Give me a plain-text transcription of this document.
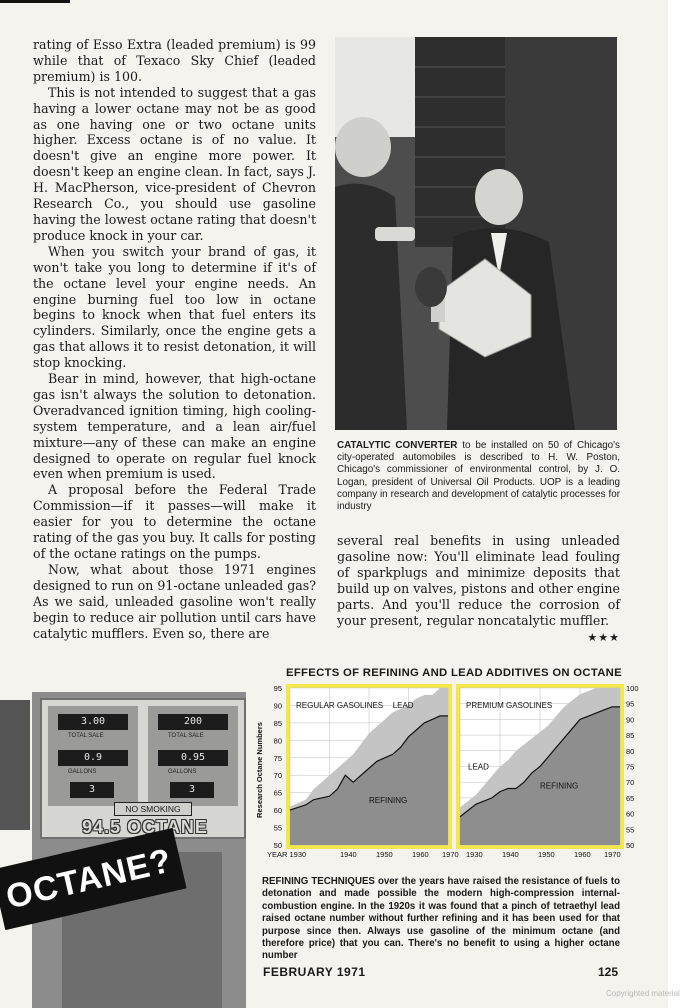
rating of Esso Extra (leaded premium) is 99 while that of Texaco Sky Chief (leaded premium) is 100.

This is not intended to suggest that a gas having a lower octane may not be as good as one having one or two octane units higher. Excess octane is of no value. It doesn't give an engine more power. It doesn't keep an engine clean. In fact, says J. H. MacPherson, vice-president of Chevron Research Co., you should use gasoline having the lowest octane rating that doesn't produce knock in your car.

When you switch your brand of gas, it won't take you long to determine if it's of the octane level your engine needs. An engine burning fuel too low in octane begins to knock when that fuel enters its cylinders. Similarly, once the engine gets a gas that allows it to resist detonation, it will stop knocking.

Bear in mind, however, that high-octane gas isn't always the solution to detonation. Overadvanced ignition timing, high cooling-system temperature, and a lean air/fuel mixture—any of these can make an engine designed to operate on regular fuel knock even when premium is used.

A proposal before the Federal Trade Commission—if it passes—will make it easier for you to determine the octane rating of the gas you buy. It calls for posting of the octane ratings on the pumps.

Now, what about those 1971 engines designed to run on 91-octane unleaded gas? As we said, unleaded gasoline won't really begin to reduce air pollution until cars have catalytic mufflers. Even so, there are

CATALYTIC CONVERTER to be installed on 50 of Chicago's city-operated automobiles is described to H. W. Poston, Chicago's commissioner of environmental control, by J. O. Logan, president of Universal Oil Products. UOP is a leading company in research and development of catalytic processes for industry

several real benefits in using unleaded gasoline now: You'll eliminate lead fouling of sparkplugs and minimize deposits that build up on valves, pistons and other engine parts. And you'll reduce the corrosion of your present, regular noncatalytic muffler.
★★★

3.00
TOTAL SALE
0.9
GALLONS
3
200
TOTAL SALE
0.95
GALLONS
3
NO SMOKING
94.5 OCTANE
OCTANE?
EFFECTS OF REFINING AND LEAD ADDITIVES ON OCTANE
REGULAR GASOLINES LEAD
REFINING
PREMIUM GASOLINES
LEAD
REFINING
95
90
85
80
75
70
65
60
55
50
100
95
90
85
80
75
70
65
60
55
50
Research Octane Numbers
YEAR 1930	1940	1950	1960 1970 1930	1940	1950	1960 1970
REFINING TECHNIQUES over the years have raised the resistance of fuels to detonation and made possible the modern high-compression internal-combustion engine. In the 1920s it was found that a pinch of tetraethyl lead raised octane number without further refining and it has been used for that purpose since then. Always use gasoline of the minimum octane (and therefore price) that you can. There's no benefit to using a higher octane number
FEBRUARY 1971	125
Copyrighted material
